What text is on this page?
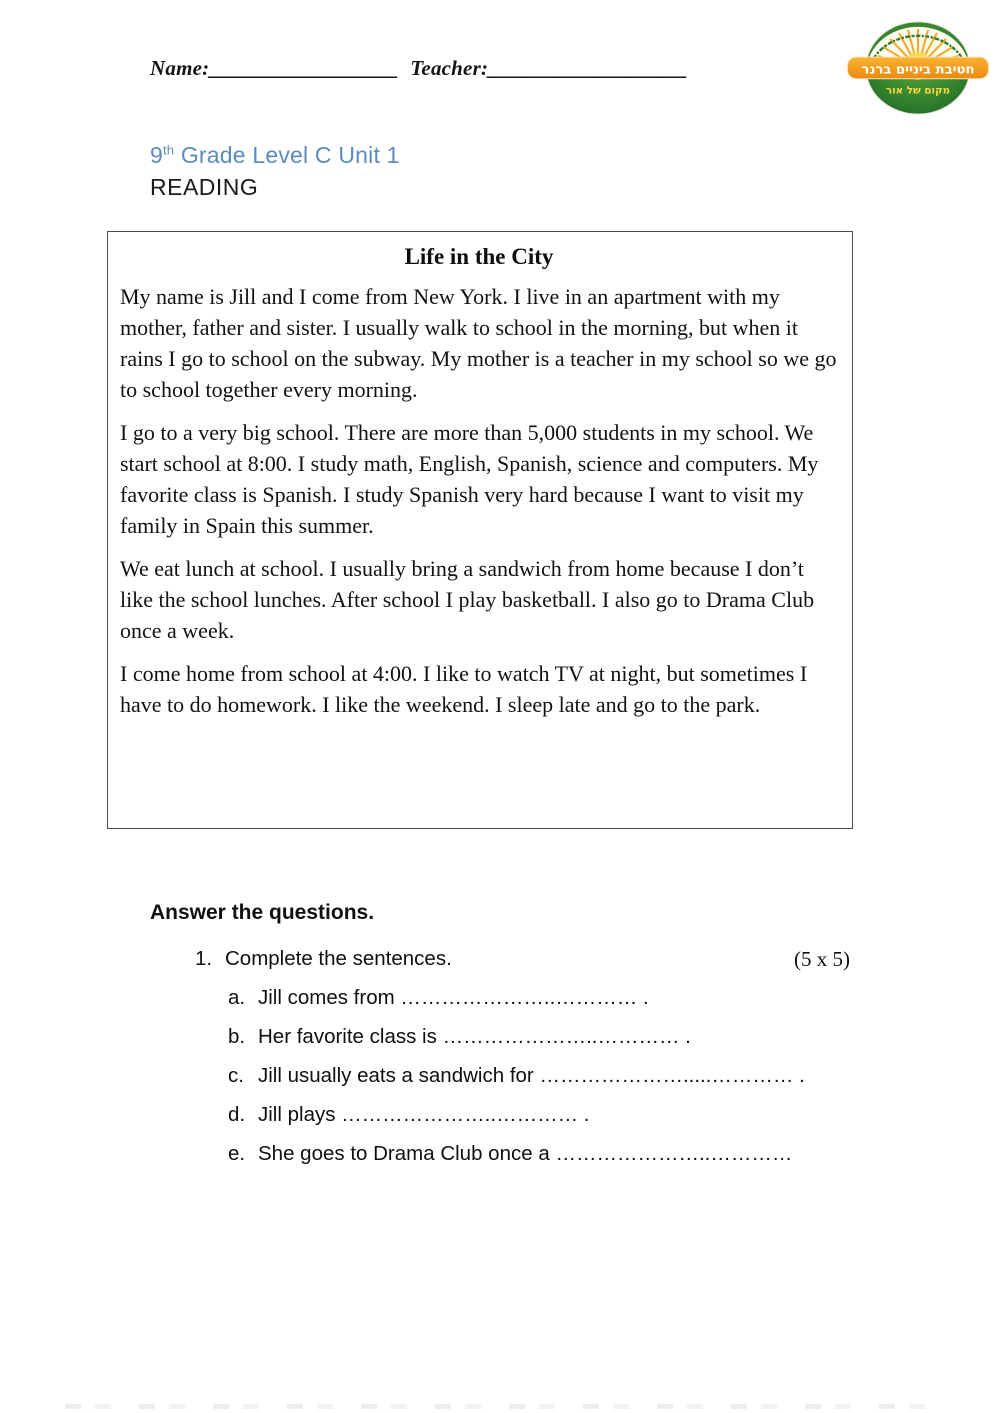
Name:__________________ Teacher:___________________	חטיבת ביניים ברנר
מקום של אור
9th Grade Level C Unit 1
READING
Life in the City

My name is Jill and I come from New York. I live in an apartment with my mother, father and sister. I usually walk to school in the morning, but when it rains I go to school on the subway. My mother is a teacher in my school so we go to school together every morning.

I go to a very big school. There are more than 5,000 students in my school. We start school at 8:00. I study math, English, Spanish, science and computers. My favorite class is Spanish. I study Spanish very hard because I want to visit my family in Spain this summer.

We eat lunch at school. I usually bring a sandwich from home because I don’t like the school lunches. After school I play basketball. I also go to Drama Club once a week.

I come home from school at 4:00. I like to watch TV at night, but sometimes I have to do homework. I like the weekend. I sleep late and go to the park.

Answer the questions.
1. Complete the sentences.	(5 x 5)
a. Jill comes from …………………..………… .
b. Her favorite class is …………………..………… .
c. Jill usually eats a sandwich for ………………….....………… .
d. Jill plays …………………..………… .
e. She goes to Drama Club once a …………………..…………
